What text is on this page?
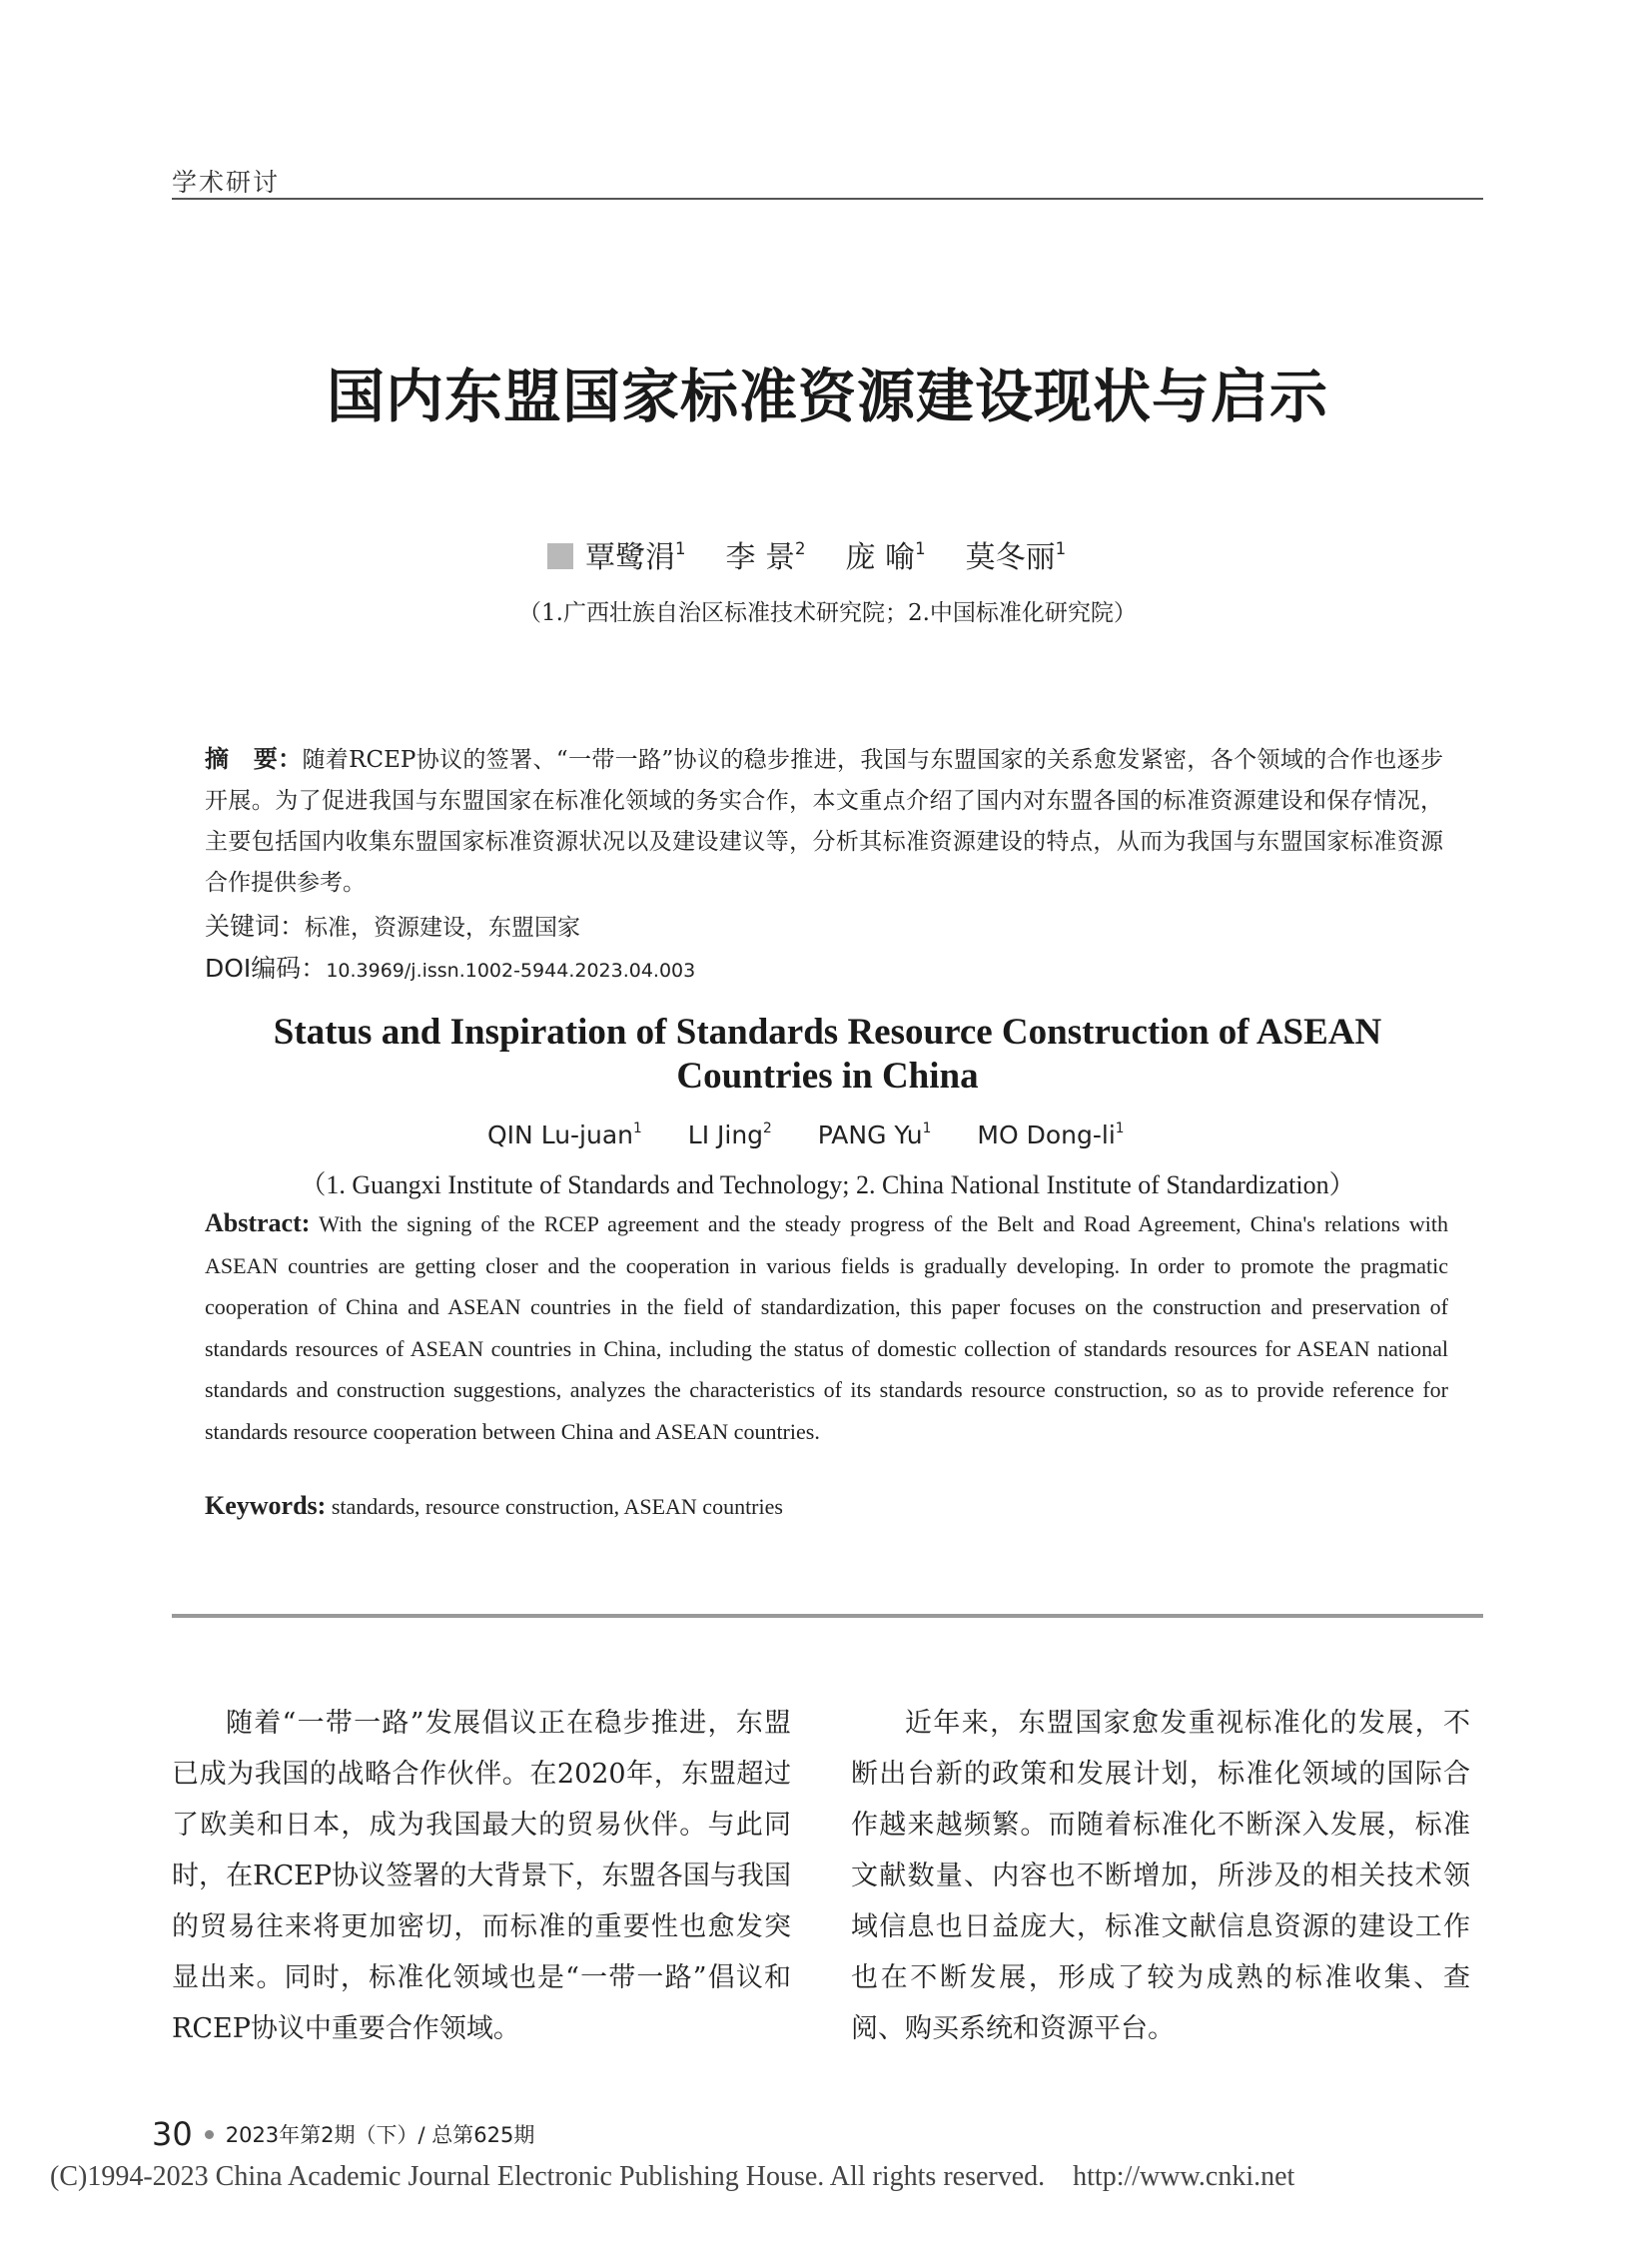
学术研讨
国内东盟国家标准资源建设现状与启示
覃鹭涓$^1$ 李 景$^2$ 庞 喻$^1$ 莫冬丽$^1$
（1.广西壮族自治区标准技术研究院；2.中国标准化研究院）
摘　要：随着RCEP协议的签署、“一带一路”协议的稳步推进，我国与东盟国家的关系愈发紧密，各个领域的合作也逐步开展。为了促进我国与东盟国家在标准化领域的务实合作，本文重点介绍了国内对东盟各国的标准资源建设和保存情况，主要包括国内收集东盟国家标准资源状况以及建设建议等，分析其标准资源建设的特点，从而为我国与东盟国家标准资源合作提供参考。
关键词：标准，资源建设，东盟国家
DOI编码：10.3969/j.issn.1002-5944.2023.04.003
Status and Inspiration of Standards Resource Construction of ASEAN
Countries in China
QIN Lu-juan$^1$ LI Jing$^2$ PANG Yu$^1$ MO Dong-$li^1$
（1. Guangxi Institute of Standards and Technology; 2. China National Institute of Standardization）
Abstract: With the signing of the RCEP agreement and the steady progress of the Belt and Road Agreement, China's relations with ASEAN countries are getting closer and the cooperation in various fields is gradually developing. In order to promote the pragmatic cooperation of China and ASEAN countries in the field of standardization, this paper focuses on the construction and preservation of standards resources of ASEAN countries in China, including the status of domestic collection of standards resources for ASEAN national standards and construction suggestions, analyzes the characteristics of its standards resource construction, so as to provide reference for standards resource cooperation between China and ASEAN countries.
Keywords: standards, resource construction, ASEAN countries
随着“一带一路”发展倡议正在稳步推进，东盟已成为我国的战略合作伙伴。在2020年，东盟超过了欧美和日本，成为我国最大的贸易伙伴。与此同时，在RCEP协议签署的大背景下，东盟各国与我国的贸易往来将更加密切，而标准的重要性也愈发突显出来。同时，标准化领域也是“一带一路”倡议和RCEP协议中重要合作领域。
近年来，东盟国家愈发重视标准化的发展，不断出台新的政策和发展计划，标准化领域的国际合作越来越频繁。而随着标准化不断深入发展，标准文献数量、内容也不断增加，所涉及的相关技术领域信息也日益庞大，标准文献信息资源的建设工作也在不断发展，形成了较为成熟的标准收集、查阅、购买系统和资源平台。
30 2023年第2期（下）/ 总第625期
(C)1994-2023 China Academic Journal Electronic Publishing House. All rights reserved.　http://www.cnki.net
